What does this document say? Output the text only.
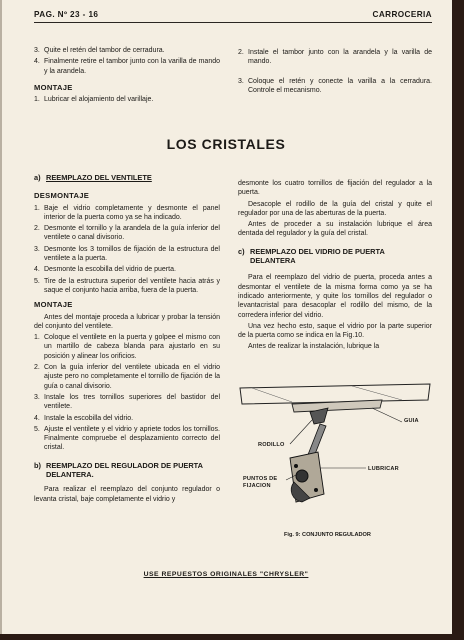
PAG. Nº 23 - 16	CARROCERIA
3. Quite el retén del tambor de cerradura.
4. Finalmente retire el tambor junto con la varilla de mando y la arandela.
MONTAJE
1. Lubricar el alojamiento del varillaje.
2. Instale el tambor junto con la arandela y la varilla de mando.
3. Coloque el retén y conecte la varilla a la cerradura. Controle el mecanismo.
LOS CRISTALES
a) REEMPLAZO DEL VENTILETE
DESMONTAJE
1. Baje el vidrio completamente y desmonte el panel interior de la puerta como ya se ha indicado.
2. Desmonte el tornillo y la arandela de la guía inferior del ventilete o canal divisorio.
3. Desmonte los 3 tornillos de fijación de la estructura del ventilete a la puerta.
4. Desmonte la escobilla del vidrio de puerta.
5. Tire de la estructura superior del ventilete hacia atrás y saque el conjunto hacia arriba, fuera de la puerta.
MONTAJE
Antes del montaje proceda a lubricar y probar la tensión del conjunto del ventilete.
1. Coloque el ventilete en la puerta y golpee el mismo con un martillo de cabeza blanda para ajustarlo en su posición y alinear los orificios.
2. Con la guía inferior del ventilete ubicada en el vidrio ajuste pero no completamente el tornillo de fijación de la guía o canal divisorio.
3. Instale los tres tornillos superiores del bastidor del ventilete.
4. Instale la escobilla del vidrio.
5. Ajuste el ventilete y el vidrio y apriete todos los tornillos. Finalmente compruebe el desplazamiento correcto del cristal.
b) REEMPLAZO DEL REGULADOR DE PUERTA DELANTERA.
Para realizar el reemplazo del conjunto regulador o levanta cristal, baje completamente el vidrio y
desmonte los cuatro tornillos de fijación del regulador a la puerta.
Desacople el rodillo de la guía del cristal y quite el regulador por una de las aberturas de la puerta.
Antes de proceder a su instalación lubrique el área dentada del regulador y la guía del cristal.
c) REEMPLAZO DEL VIDRIO DE PUERTA DELANTERA
Para el reemplazo del vidrio de puerta, proceda antes a desmontar el ventilete de la misma forma como ya se ha indicado anteriormente, y quite los tornillos del regulador o levantacristal para desacoplar el rodillo del mismo, de la corredera inferior del vidrio.
Una vez hecho esto, saque el vidrio por la parte superior de la puerta como se indica en la Fig.10.
Antes de realizar la instalación, lubrique la
GUIA
RODILLO
LUBRICAR
PUNTOS DE
FIJACION
Fig. 9: CONJUNTO REGULADOR
USE REPUESTOS ORIGINALES "CHRYSLER"
